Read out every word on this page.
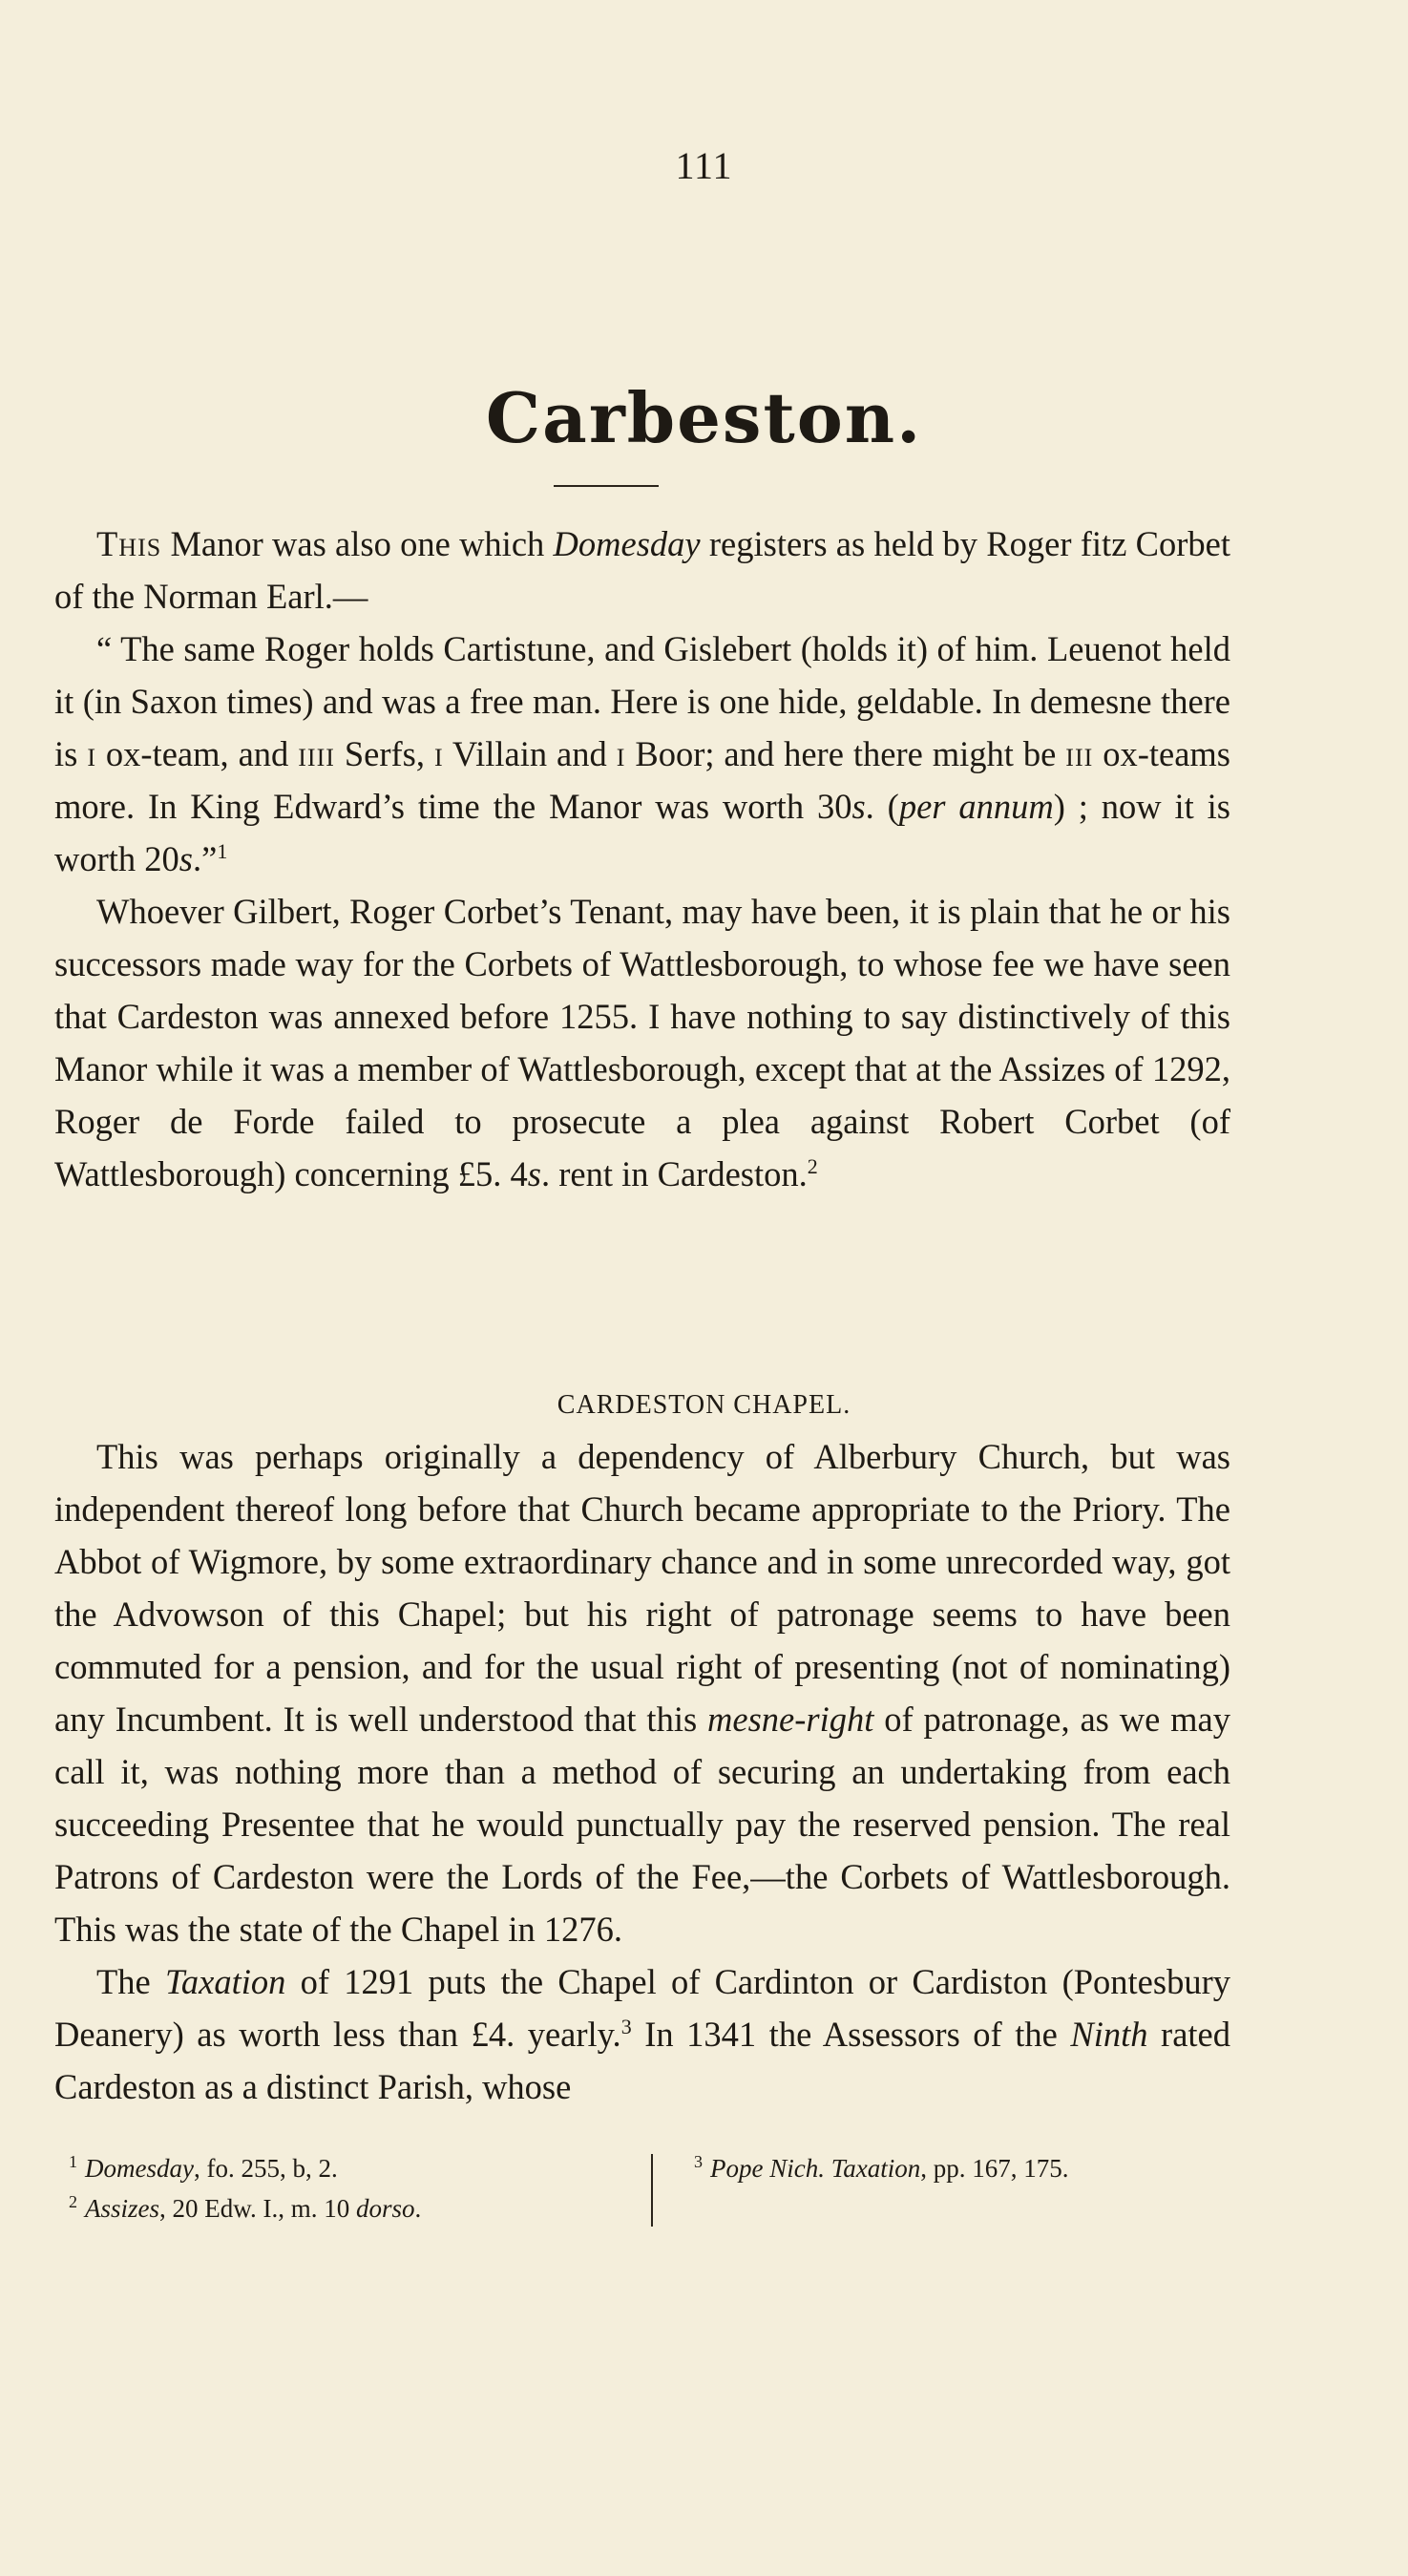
111
Carbeston.

This Manor was also one which Domesday registers as held by Roger fitz Corbet of the Norman Earl.—

“ The same Roger holds Cartistune, and Gislebert (holds it) of him. Leuenot held it (in Saxon times) and was a free man. Here is one hide, geldable. In demesne there is i ox-team, and iiii Serfs, i Villain and i Boor; and here there might be iii ox-teams more. In King Edward’s time the Manor was worth 30s. (per annum) ; now it is worth 20s.”$^1$

Whoever Gilbert, Roger Corbet’s Tenant, may have been, it is plain that he or his successors made way for the Corbets of Wattlesborough, to whose fee we have seen that Cardeston was annexed before 1255. I have nothing to say distinctively of this Manor while it was a member of Wattlesborough, except that at the Assizes of 1292, Roger de Forde failed to prosecute a plea against Robert Corbet (of Wattlesborough) concerning £5. 4s. rent in Cardeston.$^2$

CARDESTON CHAPEL.

This was perhaps originally a dependency of Alberbury Church, but was independent thereof long before that Church became appropriate to the Priory. The Abbot of Wigmore, by some extraordinary chance and in some unrecorded way, got the Advowson of this Chapel; but his right of patronage seems to have been commuted for a pension, and for the usual right of presenting (not of nominating) any Incumbent. It is well understood that this mesne-right of patronage, as we may call it, was nothing more than a method of securing an undertaking from each succeeding Presentee that he would punctually pay the reserved pension. The real Patrons of Cardeston were the Lords of the Fee,—the Corbets of Wattlesborough. This was the state of the Chapel in 1276.

The Taxation of 1291 puts the Chapel of Cardinton or Cardiston (Pontesbury Deanery) as worth less than £4. yearly.$^3$ In 1341 the Assessors of the Ninth rated Cardeston as a distinct Parish, whose

$^1$ Domesday, fo. 255, b, 2.
$^2$ Assizes, 20 Edw. I., m. 10 dorso.
$^3$ Pope Nich. Taxation, pp. 167, 175.
